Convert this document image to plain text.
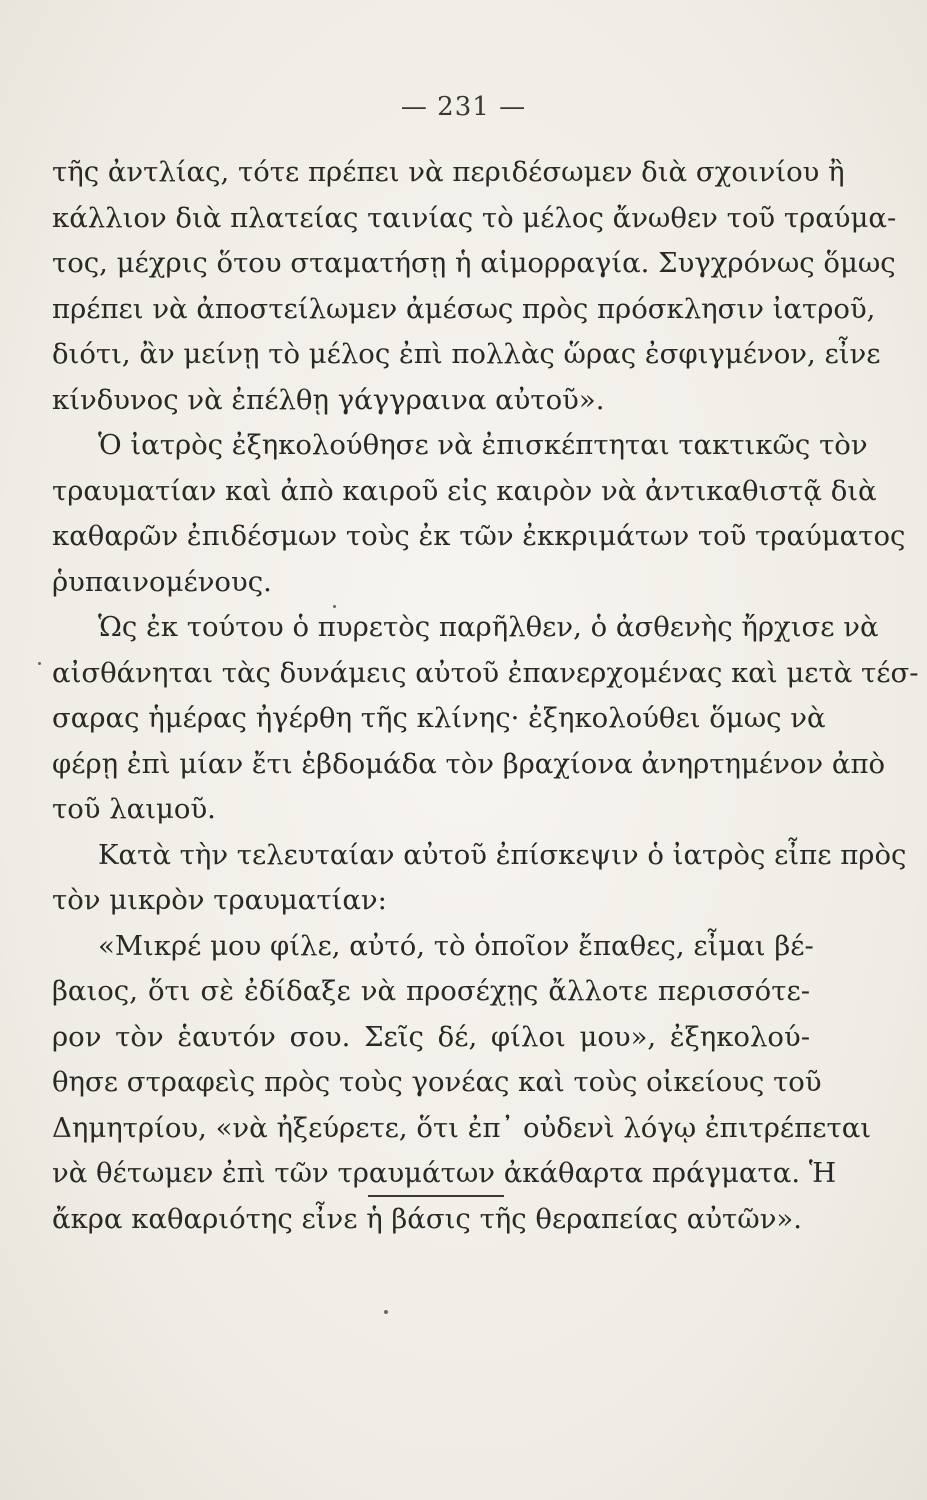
— 231 —
τῆς ἀντλίας, τότε πρέπει νὰ περιδέσωμεν διὰ σχοινίου ἢ
κάλλιον διὰ πλατείας ταινίας τὸ μέλος ἄνωθεν τοῦ τραύμα-
τος, μέχρις ὅτου σταματήσῃ ἡ αἱμορραγία. Συγχρόνως ὅμως
πρέπει νὰ ἀποστείλωμεν ἀμέσως πρὸς πρόσκλησιν ἰατροῦ,
διότι, ἂν μείνῃ τὸ μέλος ἐπὶ πολλὰς ὥρας ἐσφιγμένον, εἶνε
κίνδυνος νὰ ἐπέλθῃ γάγγραινα αὐτοῦ».
Ὁ ἰατρὸς ἐξηκολούθησε νὰ ἐπισκέπτηται τακτικῶς τὸν
τραυματίαν καὶ ἀπὸ καιροῦ εἰς καιρὸν νὰ ἀντικαθιστᾷ διὰ
καθαρῶν ἐπιδέσμων τοὺς ἐκ τῶν ἐκκριμάτων τοῦ τραύματος
ῥυπαινομένους.
Ὡς ἐκ τούτου ὁ πυρετὸς παρῆλθεν, ὁ ἀσθενὴς ἤρχισε νὰ
αἰσθάνηται τὰς δυνάμεις αὐτοῦ ἐπανερχομένας καὶ μετὰ τέσ-
σαρας ἡμέρας ἠγέρθη τῆς κλίνης· ἐξηκολούθει ὅμως νὰ
φέρῃ ἐπὶ μίαν ἔτι ἑβδομάδα τὸν βραχίονα ἀνηρτημένον ἀπὸ
τοῦ λαιμοῦ.
Κατὰ τὴν τελευταίαν αὐτοῦ ἐπίσκεψιν ὁ ἰατρὸς εἶπε πρὸς
τὸν μικρὸν τραυματίαν:
«Μικρέ μου φίλε, αὐτό, τὸ ὁποῖον ἔπαθες, εἶμαι βέ-
βαιος, ὅτι σὲ ἐδίδαξε νὰ προσέχῃς ἄλλοτε περισσότε-
ρον τὸν ἑαυτόν σου. Σεῖς δέ, φίλοι μου», ἐξηκολού-
θησε στραφεὶς πρὸς τοὺς γονέας καὶ τοὺς οἰκείους τοῦ
Δημητρίου, «νὰ ἠξεύρετε, ὅτι ἐπ᾽ οὐδενὶ λόγῳ ἐπιτρέπεται
νὰ θέτωμεν ἐπὶ τῶν τραυμάτων ἀκάθαρτα πράγματα. Ἡ
ἄκρα καθαριότης εἶνε ἡ βάσις τῆς θεραπείας αὐτῶν».
